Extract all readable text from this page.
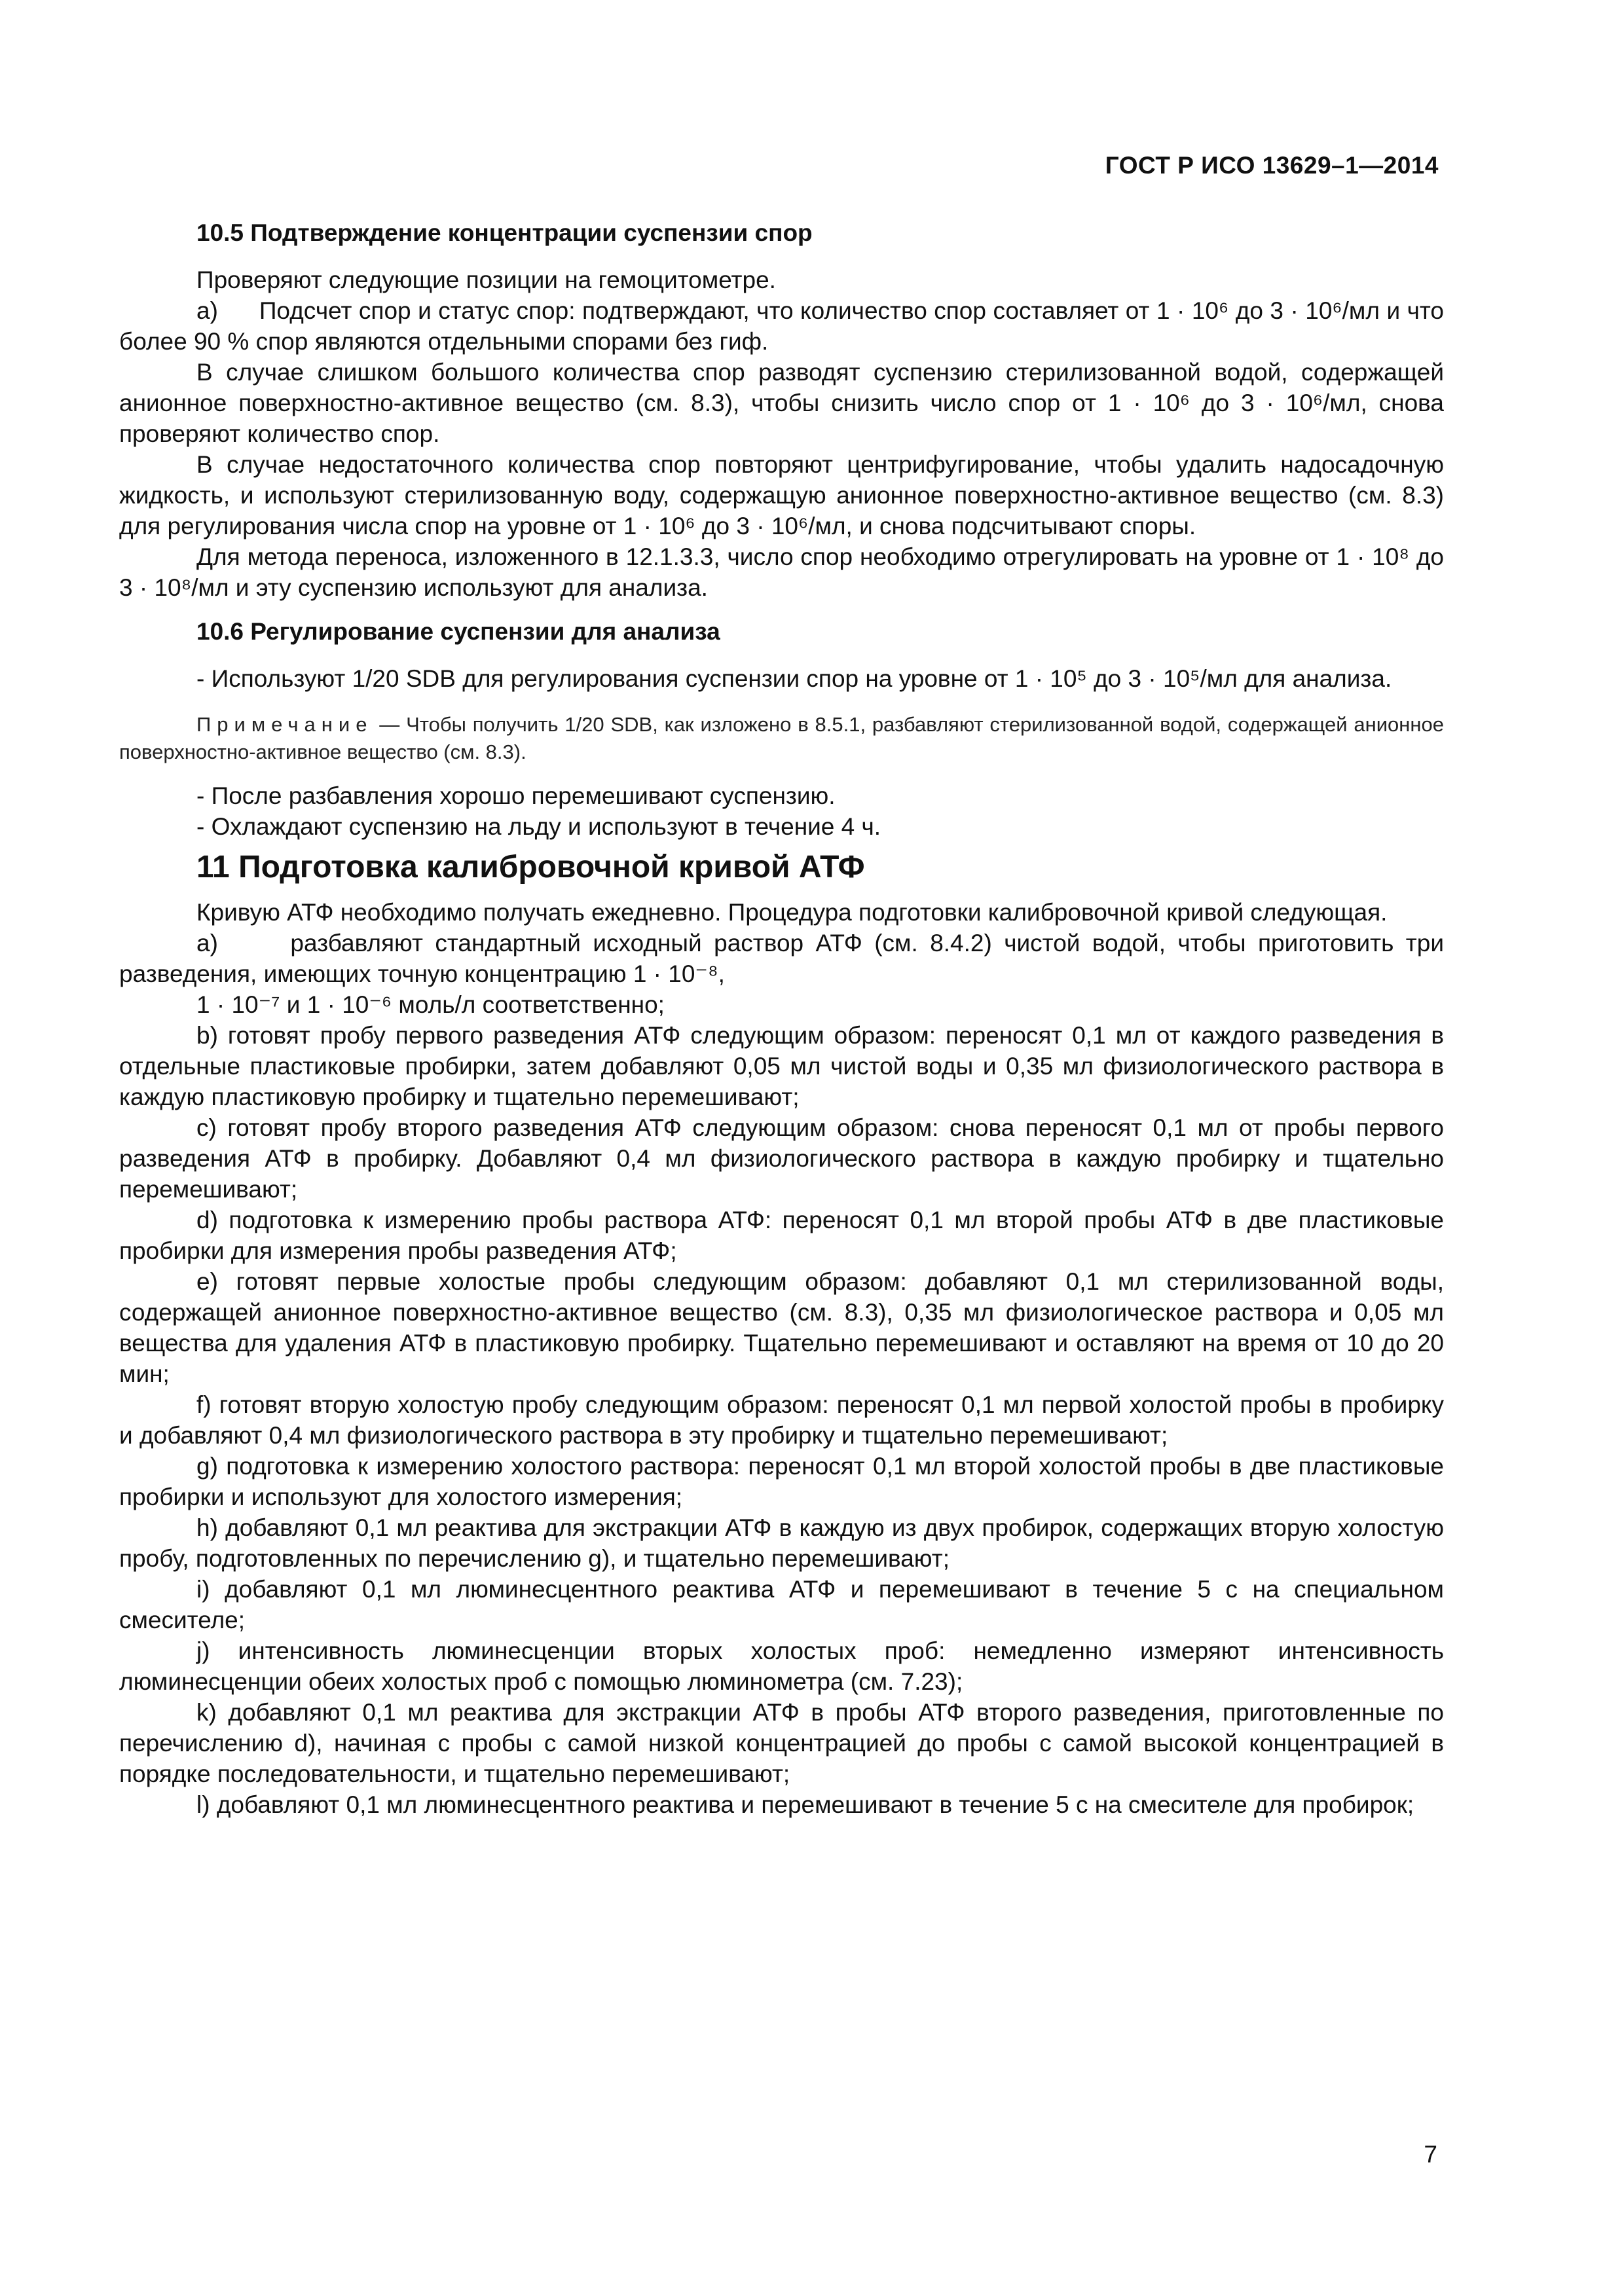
ГОСТ Р ИСО 13629–1—2014
10.5 Подтверждение концентрации суспензии спор

Проверяют следующие позиции на гемоцитометре.

a)      Подсчет спор и статус спор: подтверждают, что количество спор составляет от 1 · 10⁶ до 3 · 10⁶/мл и что более 90 % спор являются отдельными спорами без гиф.

В случае слишком большого количества спор разводят суспензию стерилизованной водой, содержащей анионное поверхностно-активное вещество (см. 8.3), чтобы снизить число спор от 1 · 10⁶ до 3 · 10⁶/мл, снова проверяют количество спор.

В случае недостаточного количества спор повторяют центрифугирование, чтобы удалить надосадочную жидкость, и используют стерилизованную воду, содержащую анионное поверхностно-активное вещество (см. 8.3) для регулирования числа спор на уровне от 1 · 10⁶ до 3 · 10⁶/мл, и снова подсчитывают споры.

Для метода переноса, изложенного в 12.1.3.3, число спор необходимо отрегулировать на уровне от 1 · 10⁸ до 3 · 10⁸/мл и эту суспензию используют для анализа.

10.6 Регулирование суспензии для анализа

- Используют 1/20 SDB для регулирования суспензии спор на уровне от 1 · 10⁵ до 3 · 10⁵/мл для анализа.

Примечание — Чтобы получить 1/20 SDB, как изложено в 8.5.1, разбавляют стерилизованной водой, содержащей анионное поверхностно-активное вещество (см. 8.3).

- После разбавления хорошо перемешивают суспензию.

- Охлаждают суспензию на льду и используют в течение 4 ч.

11 Подготовка калибровочной кривой АТФ

Кривую АТФ необходимо получать ежедневно. Процедура подготовки калибровочной кривой следующая.

a)      разбавляют стандартный исходный раствор АТФ (см. 8.4.2) чистой водой, чтобы приготовить три разведения, имеющих точную концентрацию 1 · 10⁻⁸,

1 · 10⁻⁷ и 1 · 10⁻⁶ моль/л соответственно;

b) готовят пробу первого разведения АТФ следующим образом: переносят 0,1 мл от каждого разведения в отдельные пластиковые пробирки, затем добавляют 0,05 мл чистой воды и 0,35 мл физиологического раствора в каждую пластиковую пробирку и тщательно перемешивают;

c) готовят пробу второго разведения АТФ следующим образом: снова переносят 0,1 мл от пробы первого разведения АТФ в пробирку. Добавляют 0,4 мл физиологического раствора в каждую пробирку и тщательно перемешивают;

d) подготовка к измерению пробы раствора АТФ: переносят 0,1 мл второй пробы АТФ в две пластиковые пробирки для измерения пробы разведения АТФ;

e) готовят первые холостые пробы следующим образом: добавляют 0,1 мл стерилизованной воды, содержащей анионное поверхностно-активное вещество (см. 8.3), 0,35 мл физиологическое раствора и 0,05 мл вещества для удаления АТФ в пластиковую пробирку. Тщательно перемешивают и оставляют на время от 10 до 20 мин;

f) готовят вторую холостую пробу следующим образом: переносят 0,1 мл первой холостой пробы в пробирку и добавляют 0,4 мл физиологического раствора в эту пробирку и тщательно перемешивают;

g) подготовка к измерению холостого раствора: переносят 0,1 мл второй холостой пробы в две пластиковые пробирки и используют для холостого измерения;

h) добавляют 0,1 мл реактива для экстракции АТФ в каждую из двух пробирок, содержащих вторую холостую пробу, подготовленных по перечислению g), и тщательно перемешивают;

i) добавляют 0,1 мл люминесцентного реактива АТФ и перемешивают в течение 5 с на специальном смесителе;

j) интенсивность люминесценции вторых холостых проб: немедленно измеряют интенсивность люминесценции обеих холостых проб с помощью люминометра (см. 7.23);

k) добавляют 0,1 мл реактива для экстракции АТФ в пробы АТФ второго разведения, приготовленные по перечислению d), начиная с пробы с самой низкой концентрацией до пробы с самой высокой концентрацией в порядке последовательности, и тщательно перемешивают;

l) добавляют 0,1 мл люминесцентного реактива и перемешивают в течение 5 с на смесителе для пробирок;

7
